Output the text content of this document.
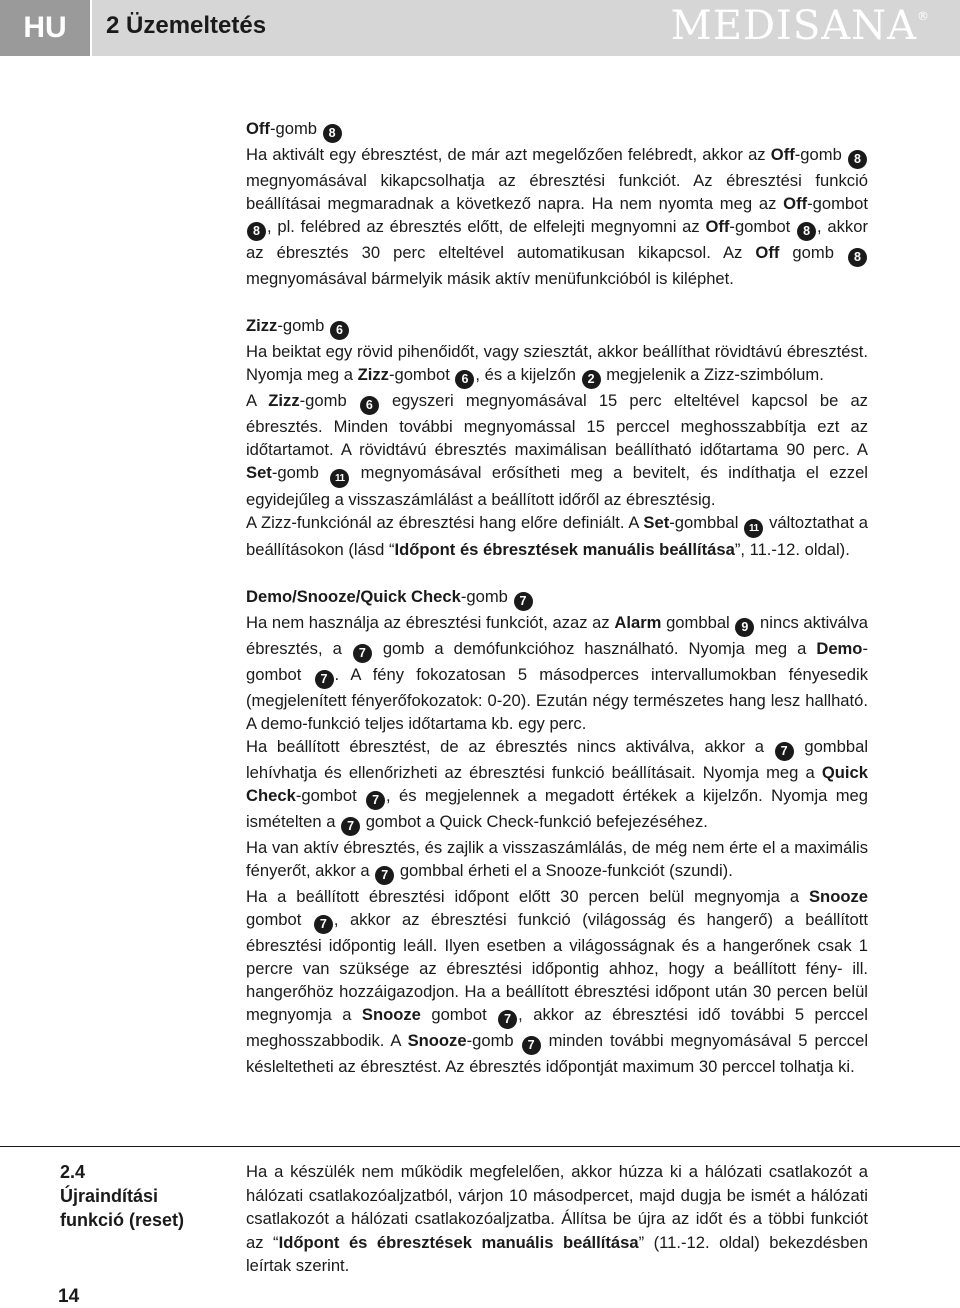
HU 2 Üzemeltetés	MEDISANA®

Off-gomb 8

Ha aktivált egy ébresztést, de már azt megelőzően felébredt, akkor az Off-gomb 8 megnyomásával kikapcsolhatja az ébresztési funkciót. Az ébresztési funkció beállításai megmaradnak a következő napra. Ha nem nyomta meg az Off-gombot 8 , pl. felébred az ébresztés előtt, de elfelejti megnyomni az Off-gombot 8 , akkor az ébresztés 30 perc elteltével automatikusan kikapcsol. Az Off gomb 8 megnyomásával bármelyik másik aktív menüfunkcióból is kiléphet.

Zizz-gomb 6

Ha beiktat egy rövid pihenőidőt, vagy sziesztát, akkor beállíthat rövidtávú ébresztést. Nyomja meg a Zizz-gombot 6 , és a kijelzőn 2 megjelenik a Zizz-szimbólum.

A Zizz-gomb 6 egyszeri megnyomásával 15 perc elteltével kapcsol be az ébresztés. Minden további megnyomással 15 perccel meghosszabbítja ezt az időtartamot. A rövidtávú ébresztés maximálisan beállítható időtartama 90 perc. A Set-gomb 11 megnyomásával erősítheti meg a bevitelt, és indíthatja el ezzel egyidejűleg a visszaszámlálást a beállított időről az ébresztésig.

A Zizz-funkciónál az ébresztési hang előre definiált. A Set-gombbal 11 változtathat a beállításokon (lásd “Időpont és ébresztések manuális beállítása”, 11.-12. oldal).

Demo/Snooze/Quick Check-gomb 7

Ha nem használja az ébresztési funkciót, azaz az Alarm gombbal 9 nincs aktiválva ébresztés, a 7 gomb a demófunkcióhoz használható. Nyomja meg a Demo-gombot 7 . A fény fokozatosan 5 másodperces intervallumokban fényesedik (megjelenített fényerőfokozatok: 0-20). Ezután négy természetes hang lesz hallható. A demo-funkció teljes időtartama kb. egy perc.

Ha beállított ébresztést, de az ébresztés nincs aktiválva, akkor a 7 gombbal lehívhatja és ellenőrizheti az ébresztési funkció beállításait. Nyomja meg a Quick Check-gombot 7 , és megjelennek a megadott értékek a kijelzőn. Nyomja meg ismételten a 7 gombot a Quick Check-funkció befejezéséhez.

Ha van aktív ébresztés, és zajlik a visszaszámlálás, de még nem érte el a maximális fényerőt, akkor a 7 gombbal érheti el a Snooze-funkciót (szundi).

Ha a beállított ébresztési időpont előtt 30 percen belül megnyomja a Snooze gombot 7 , akkor az ébresztési funkció (világosság és hangerő) a beállított ébresztési időpontig leáll. Ilyen esetben a világosságnak és a hangerőnek csak 1 percre van szüksége az ébresztési időpontig ahhoz, hogy a beállított fény- ill. hangerőhöz hozzáigazodjon. Ha a beállított ébresztési időpont után 30 percen belül megnyomja a Snooze gombot 7 , akkor az ébresztési idő további 5 perccel meghosszabbodik. A Snooze-gomb 7 minden további megnyomásával 5 perccel késleltetheti az ébresztést. Az ébresztés időpontját maximum 30 perccel tolhatja ki.

2.4
Újraindítási
funkció (reset)

Ha a készülék nem működik megfelelően, akkor húzza ki a hálózati csatlakozót a hálózati csatlakozóaljzatból, várjon 10 másodpercet, majd dugja be ismét a hálózati csatlakozót a hálózati csatlakozóaljzatba. Állítsa be újra az időt és a többi funkciót az “Időpont és ébresztések manuális beállítása” (11.-12. oldal) bekezdésben leírtak szerint.

14
